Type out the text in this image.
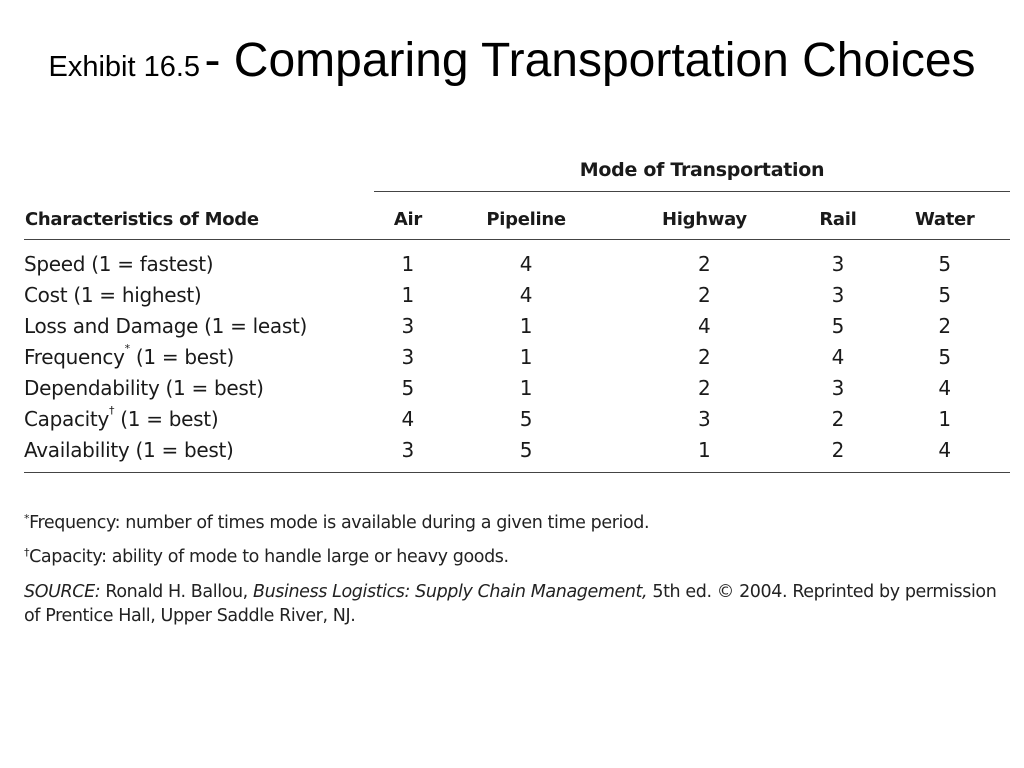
Exhibit 16.5 - Comparing Transportation Choices
Mode of Transportation
Characteristics of Mode	Air	Pipeline	Highway	Rail	Water
Speed (1 = fastest)	1	4	2	3	5
Cost (1 = highest)	1	4	2	3	5
Loss and Damage (1 = least)	3	1	4	5	2
Frequency* (1 = best)	3	1	2	4	5
Dependability (1 = best)	5	1	2	3	4
Capacity† (1 = best)	4	5	3	2	1
Availability (1 = best)	3	5	1	2	4

*Frequency: number of times mode is available during a given time period.

†Capacity: ability of mode to handle large or heavy goods.

SOURCE: Ronald H. Ballou, Business Logistics: Supply Chain Management, 5th ed. © 2004. Reprinted by permission of Prentice Hall, Upper Saddle River, NJ.
